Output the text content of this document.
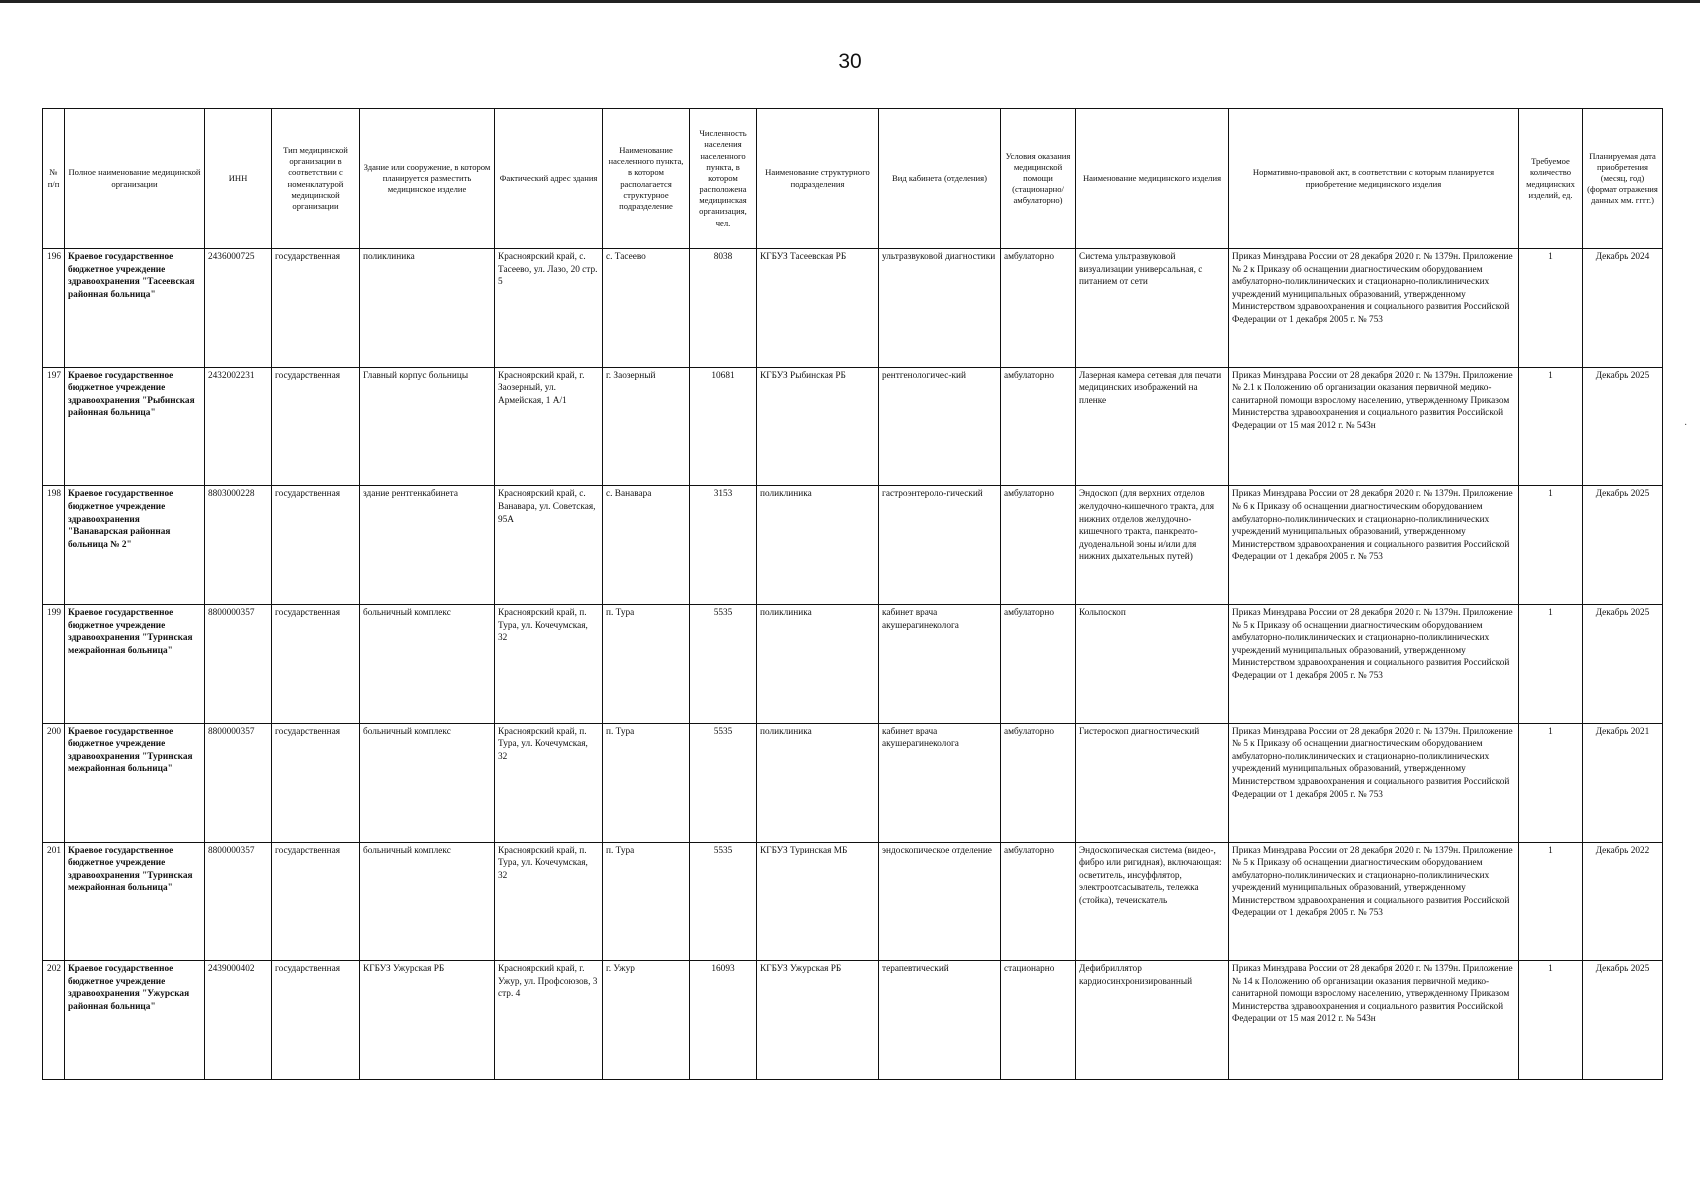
30
№ п/п	Полное наименование медицинской организации	ИНН	Тип медицинской организации в соответствии с номенклатурой медицинской организации	Здание или сооружение, в котором планируется разместить медицинское изделие	Фактический адрес здания	Наименование населенного пункта, в котором располагается структурное подразделение	Численность населения населенного пункта, в котором расположена медицинская организация, чел.	Наименование структурного подразделения	Вид кабинета (отделения)	Условия оказания медицинской помощи (стационарно/ амбулаторно)	Наименование медицинского изделия	Нормативно-правовой акт, в соответствии с которым планируется приобретение медицинского изделия	Требуемое количество медицинских изделий, ед.	Планируемая дата приобретения (месяц, год) (формат отражения данных мм. гггг.)
196	Краевое государственное бюджетное учреждение здравоохранения "Тасеевская районная больница"	2436000725	государственная	поликлиника	Красноярский край, с. Тасеево, ул. Лазо, 20 стр. 5	с. Тасеево	8038	КГБУЗ Тасеевская РБ	ультразвуковой диагностики	амбулаторно	Система ультразвуковой визуализации универсальная, с питанием от сети	Приказ Минздрава России от 28 декабря 2020 г. № 1379н. Приложение № 2 к Приказу об оснащении диагностическим оборудованием амбулаторно-поликлинических и стационарно-поликлинических учреждений муниципальных образований, утвержденному Министерством здравоохранения и социального развития Российской Федерации от 1 декабря 2005 г. № 753	1	Декабрь 2024
197	Краевое государственное бюджетное учреждение здравоохранения "Рыбинская районная больница"	2432002231	государственная	Главный корпус больницы	Красноярский край, г. Заозерный, ул. Армейская, 1 А/1	г. Заозерный	10681	КГБУЗ Рыбинская РБ	рентгенологичес-кий	амбулаторно	Лазерная камера сетевая для печати медицинских изображений на пленке	Приказ Минздрава России от 28 декабря 2020 г. № 1379н. Приложение № 2.1 к Положению об организации оказания первичной медико-санитарной помощи взрослому населению, утвержденному Приказом Министерства здравоохранения и социального развития Российской Федерации от 15 мая 2012 г. № 543н	1	Декабрь 2025
198	Краевое государственное бюджетное учреждение здравоохранения "Ванаварская районная больница № 2"	8803000228	государственная	здание рентгенкабинета	Красноярский край, с. Ванавара, ул. Советская, 95А	с. Ванавара	3153	поликлиника	гастроэнтероло-гический	амбулаторно	Эндоскоп (для верхних отделов желудочно-кишечного тракта, для нижних отделов желудочно-кишечного тракта, панкреато-дуоденальной зоны и/или для нижних дыхательных путей)	Приказ Минздрава России от 28 декабря 2020 г. № 1379н. Приложение № 6 к Приказу об оснащении диагностическим оборудованием амбулаторно-поликлинических и стационарно-поликлинических учреждений муниципальных образований, утвержденному Министерством здравоохранения и социального развития Российской Федерации от 1 декабря 2005 г. № 753	1	Декабрь 2025
199	Краевое государственное бюджетное учреждение здравоохранения "Туринская межрайонная больница"	8800000357	государственная	больничный комплекс	Красноярский край, п. Тура, ул. Кочечумская, 32	п. Тура	5535	поликлиника	кабинет врача акушерагинеколога	амбулаторно	Кольпоскоп	Приказ Минздрава России от 28 декабря 2020 г. № 1379н. Приложение № 5 к Приказу об оснащении диагностическим оборудованием амбулаторно-поликлинических и стационарно-поликлинических учреждений муниципальных образований, утвержденному Министерством здравоохранения и социального развития Российской Федерации от 1 декабря 2005 г. № 753	1	Декабрь 2025
200	Краевое государственное бюджетное учреждение здравоохранения "Туринская межрайонная больница"	8800000357	государственная	больничный комплекс	Красноярский край, п. Тура, ул. Кочечумская, 32	п. Тура	5535	поликлиника	кабинет врача акушерагинеколога	амбулаторно	Гистероскоп диагностический	Приказ Минздрава России от 28 декабря 2020 г. № 1379н. Приложение № 5 к Приказу об оснащении диагностическим оборудованием амбулаторно-поликлинических и стационарно-поликлинических учреждений муниципальных образований, утвержденному Министерством здравоохранения и социального развития Российской Федерации от 1 декабря 2005 г. № 753	1	Декабрь 2021
201	Краевое государственное бюджетное учреждение здравоохранения "Туринская межрайонная больница"	8800000357	государственная	больничный комплекс	Красноярский край, п. Тура, ул. Кочечумская, 32	п. Тура	5535	КГБУЗ Туринская МБ	эндоскопическое отделение	амбулаторно	Эндоскопическая система (видео-, фибро или ригидная), включающая: осветитель, инсуффлятор, электроотсасыватель, тележка (стойка), течеискатель	Приказ Минздрава России от 28 декабря 2020 г. № 1379н. Приложение № 5 к Приказу об оснащении диагностическим оборудованием амбулаторно-поликлинических и стационарно-поликлинических учреждений муниципальных образований, утвержденному Министерством здравоохранения и социального развития Российской Федерации от 1 декабря 2005 г. № 753	1	Декабрь 2022
202	Краевое государственное бюджетное учреждение здравоохранения "Ужурская районная больница"	2439000402	государственная	КГБУЗ Ужурская РБ	Красноярский край, г. Ужур, ул. Профсоюзов, 3 стр. 4	г. Ужур	16093	КГБУЗ Ужурская РБ	терапевтический	стационарно	Дефибриллятор кардиосинхронизированный	Приказ Минздрава России от 28 декабря 2020 г. № 1379н. Приложение № 14 к Положению об организации оказания первичной медико-санитарной помощи взрослому населению, утвержденному Приказом Министерства здравоохранения и социального развития Российской Федерации от 15 мая 2012 г. № 543н	1	Декабрь 2025
·
